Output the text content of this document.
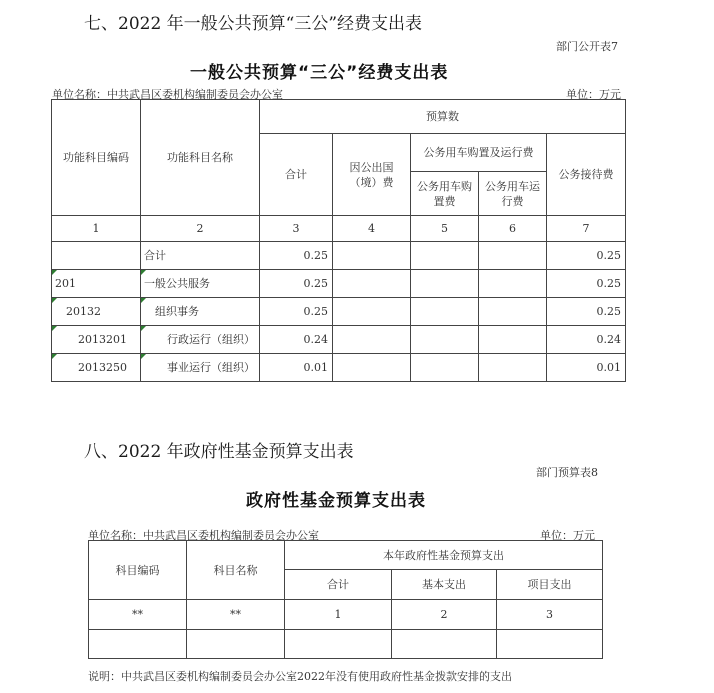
七、2022 年一般公共预算“三公”经费支出表
部门公开表7
一般公共预算“三公”经费支出表
单位名称：中共武昌区委机构编制委员会办公室	单位：万元
功能科目编码	功能科目名称	预算数				
		合计	因公出国（境）费	公务用车购置及运行费		公务接待费
				公务用车购置费	公务用车运行费	
1	2	3	4	5	6	7
	合计	0.25				0.25
201	一般公共服务	0.25				0.25
20132	组织事务	0.25				0.25
2013201	行政运行（组织）	0.24				0.24
2013250	事业运行（组织）	0.01				0.01
八、2022 年政府性基金预算支出表
部门预算表8
政府性基金预算支出表
单位名称：中共武昌区委机构编制委员会办公室	单位：万元
科目编码	科目名称	本年政府性基金预算支出		
		合计	基本支出	项目支出
**	**	1	2	3

说明：中共武昌区委机构编制委员会办公室2022年没有使用政府性基金拨款安排的支出
